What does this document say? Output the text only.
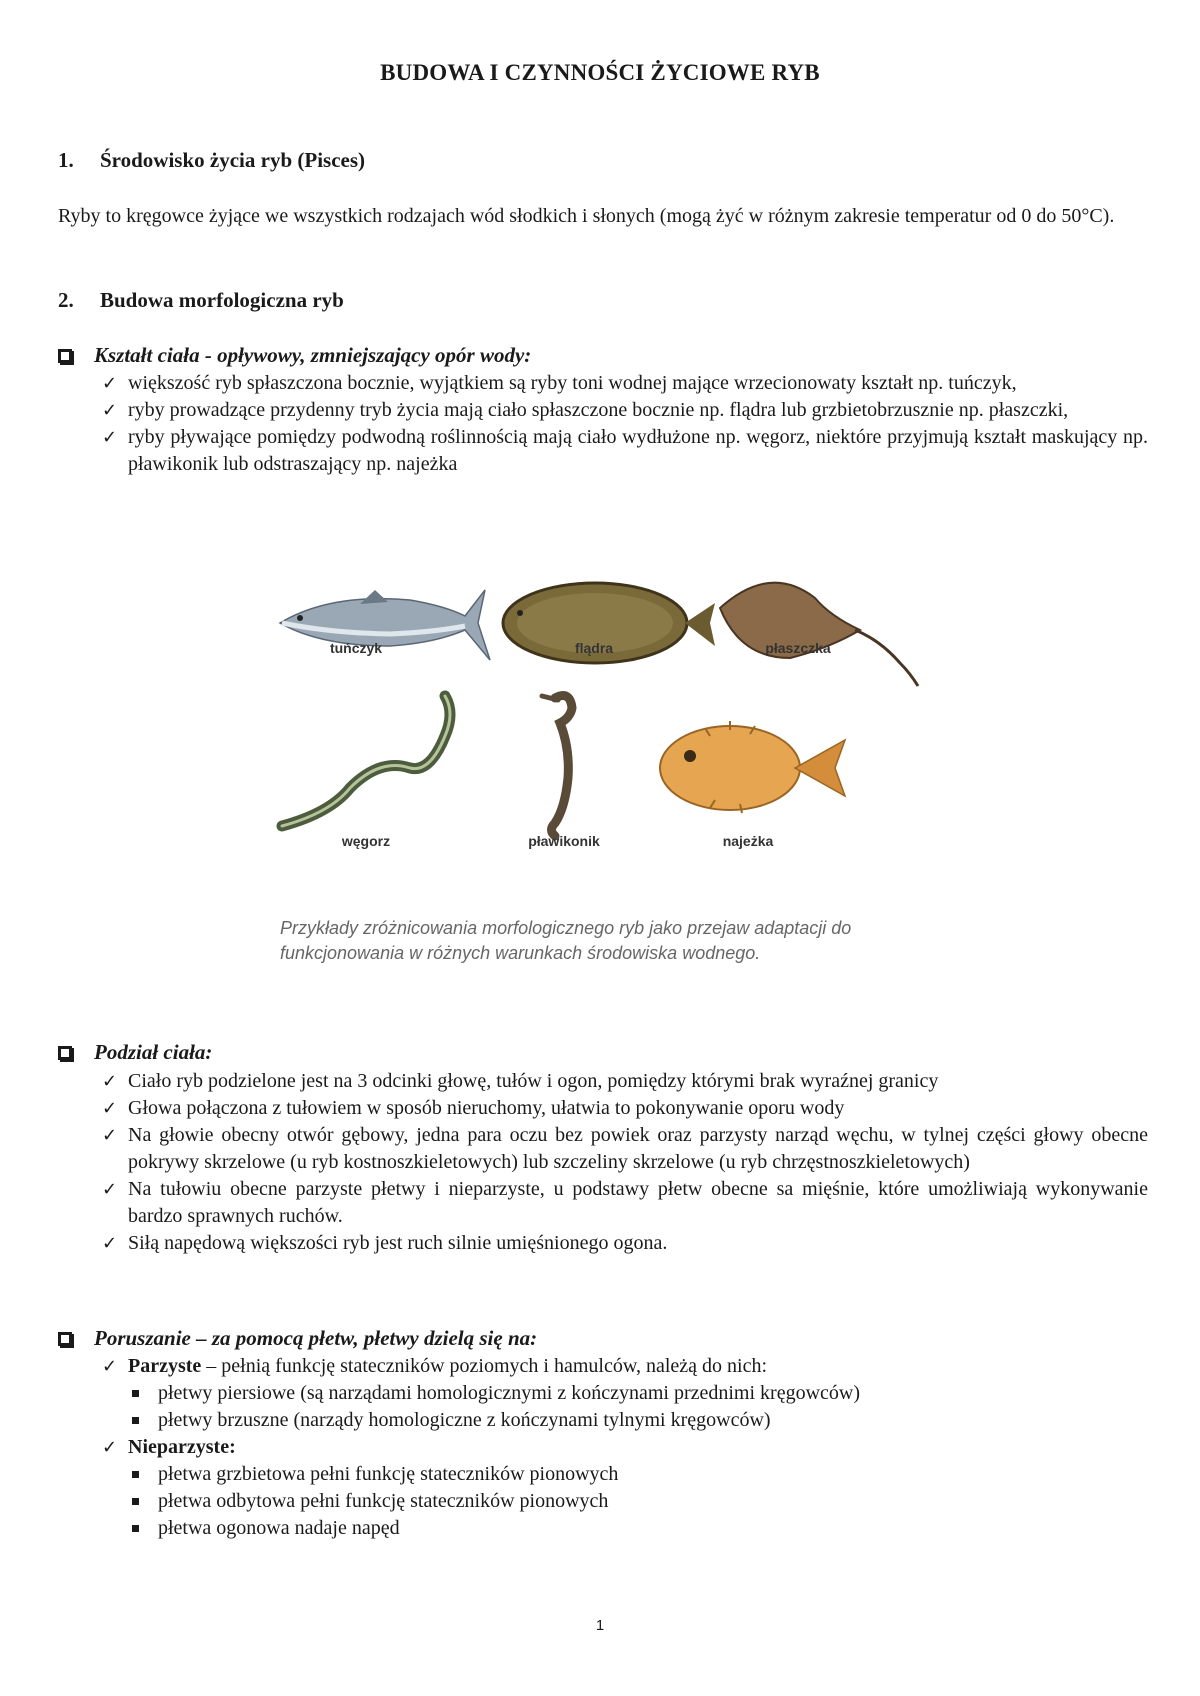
BUDOWA I CZYNNOŚCI ŻYCIOWE RYB
1. Środowisko życia ryb (Pisces)
Ryby to kręgowce żyjące we wszystkich rodzajach wód słodkich i słonych (mogą żyć w różnym zakresie temperatur od 0 do 50°C).
2. Budowa morfologiczna ryb
Kształt ciała - opływowy, zmniejszający opór wody:
✓ większość ryb spłaszczona bocznie, wyjątkiem są ryby toni wodnej mające wrzecionowaty kształt np. tuńczyk,
✓ ryby prowadzące przydenny tryb życia mają ciało spłaszczone bocznie np. flądra lub grzbietobrzusznie np. płaszczki,
✓ ryby pływające pomiędzy podwodną roślinnością mają ciało wydłużone np. węgorz, niektóre przyjmują kształt maskujący np. pławikonik lub odstraszający np. najeżka
tuńczyk	flądra	płaszczka
węgorz	pławikonik	najeżka
Przykłady zróżnicowania morfologicznego ryb jako przejaw adaptacji do funkcjonowania w różnych warunkach środowiska wodnego.
Podział ciała:
✓ Ciało ryb podzielone jest na 3 odcinki głowę, tułów i ogon, pomiędzy którymi brak wyraźnej granicy
✓ Głowa połączona z tułowiem w sposób nieruchomy, ułatwia to pokonywanie oporu wody
✓ Na głowie obecny otwór gębowy, jedna para oczu bez powiek oraz parzysty narząd węchu, w tylnej części głowy obecne pokrywy skrzelowe (u ryb kostnoszkieletowych) lub szczeliny skrzelowe (u ryb chrzęstnoszkieletowych)
✓ Na tułowiu obecne parzyste płetwy i nieparzyste, u podstawy płetw obecne sa mięśnie, które umożliwiają wykonywanie bardzo sprawnych ruchów.
✓ Siłą napędową większości ryb jest ruch silnie umięśnionego ogona.
Poruszanie – za pomocą płetw, płetwy dzielą się na:
✓ Parzyste – pełnią funkcję stateczników poziomych i hamulców, należą do nich:
płetwy piersiowe (są narządami homologicznymi z kończynami przednimi kręgowców)
płetwy brzuszne (narządy homologiczne z kończynami tylnymi kręgowców)
✓ Nieparzyste:
płetwa grzbietowa pełni funkcję stateczników pionowych
płetwa odbytowa pełni funkcję stateczników pionowych
płetwa ogonowa nadaje napęd
1
